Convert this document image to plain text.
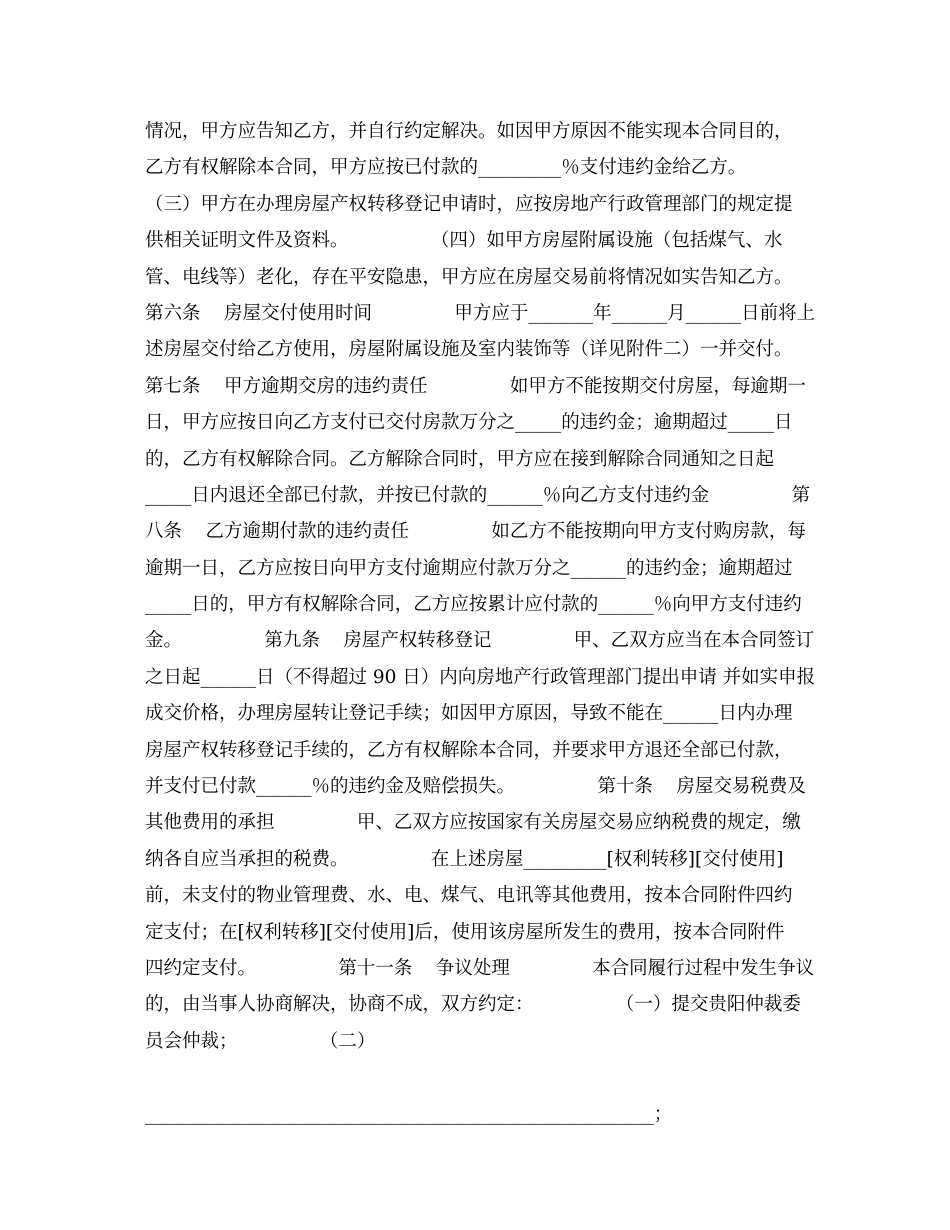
情况，甲方应告知乙方，并自行约定解决。如因甲方原因不能实现本合同目的，
乙方有权解除本合同，甲方应按已付款的_________％支付违约金给乙方。
（三）甲方在办理房屋产权转移登记申请时，应按房地产行政管理部门的规定提
供相关证明文件及资料。              （四）如甲方房屋附属设施（包括煤气、水
管、电线等）老化，存在平安隐患，甲方应在房屋交易前将情况如实告知乙方。
第六条    房屋交付使用时间              甲方应于_______年______月______日前将上
述房屋交付给乙方使用，房屋附属设施及室内装饰等（详见附件二）一并交付。
第七条    甲方逾期交房的违约责任              如甲方不能按期交付房屋，每逾期一
日，甲方应按日向乙方支付已交付房款万分之_____的违约金；逾期超过_____日
的，乙方有权解除合同。乙方解除合同时，甲方应在接到解除合同通知之日起
_____日内退还全部已付款，并按已付款的______％向乙方支付违约金              第
八条    乙方逾期付款的违约责任              如乙方不能按期向甲方支付购房款，每
逾期一日，乙方应按日向甲方支付逾期应付款万分之______的违约金；逾期超过
_____日的，甲方有权解除合同，乙方应按累计应付款的______％向甲方支付违约
金。              第九条    房屋产权转移登记              甲、乙双方应当在本合同签订
之日起______日（不得超过 90 日）内向房地产行政管理部门提出申请 并如实申报
成交价格，办理房屋转让登记手续；如因甲方原因，导致不能在______日内办理
房屋产权转移登记手续的，乙方有权解除本合同，并要求甲方退还全部已付款，
并支付已付款______％的违约金及赔偿损失。              第十条    房屋交易税费及
其他费用的承担              甲、乙双方应按国家有关房屋交易应纳税费的规定，缴
纳各自应当承担的税费。              在上述房屋_________[权利转移][交付使用]
前，未支付的物业管理费、水、电、煤气、电讯等其他费用，按本合同附件四约
定支付；在[权利转移][交付使用]后，使用该房屋所发生的费用，按本合同附件
四约定支付。              第十一条    争议处理              本合同履行过程中发生争议
的，由当事人协商解决，协商不成，双方约定：              （一）提交贵阳仲裁委
员会仲裁；              （二）
_______________________________________________________；
